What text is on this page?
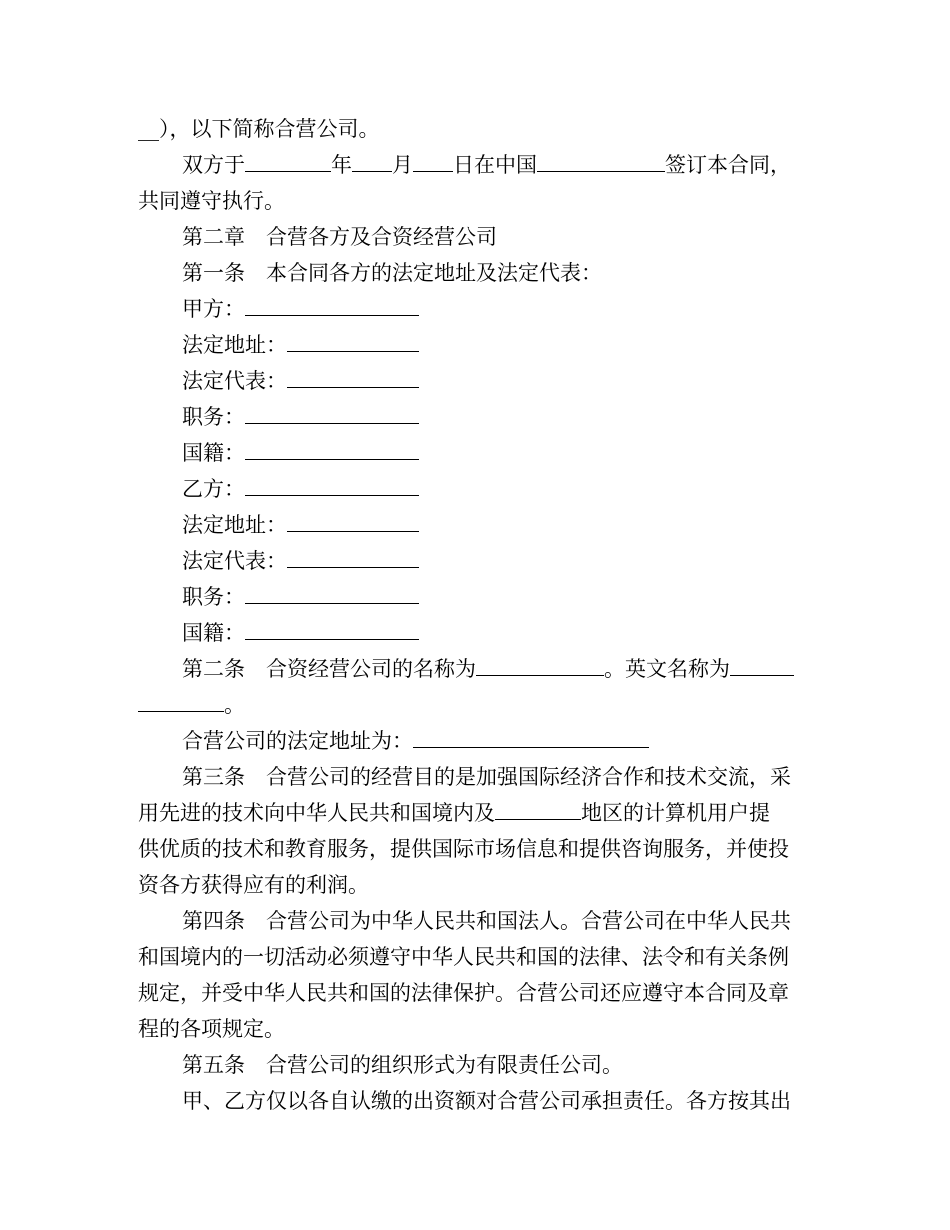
__），以下简称合营公司。
双方于	年 月 日在中国	签订本合同，
共同遵守执行。
第二章　合营各方及合资经营公司
第一条　本合同各方的法定地址及法定代表：
甲方：
法定地址：
法定代表：
职务：
国籍：
乙方：
法定地址：
法定代表：
职务：
国籍：
第二条　合资经营公司的名称为	。英文名称为
。
合营公司的法定地址为：
第三条　合营公司的经营目的是加强国际经济合作和技术交流，采
用先进的技术向中华人民共和国境内及	地区的计算机用户提
供优质的技术和教育服务，提供国际市场信息和提供咨询服务，并使投
资各方获得应有的利润。
第四条　合营公司为中华人民共和国法人。合营公司在中华人民共
和国境内的一切活动必须遵守中华人民共和国的法律、法令和有关条例
规定，并受中华人民共和国的法律保护。合营公司还应遵守本合同及章
程的各项规定。
第五条　合营公司的组织形式为有限责任公司。
甲、乙方仅以各自认缴的出资额对合营公司承担责任。各方按其出
